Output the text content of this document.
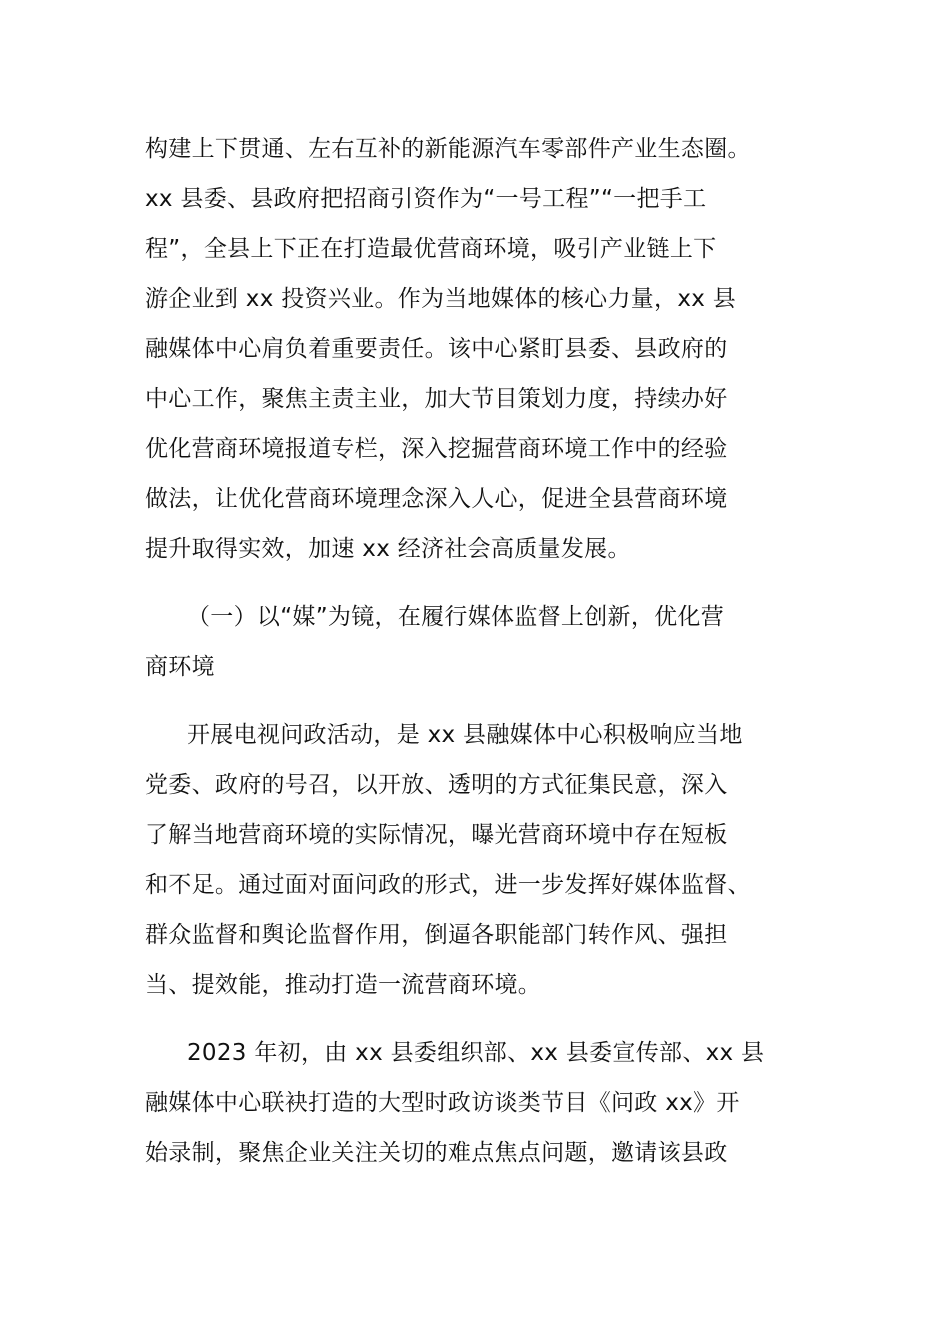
构建上下贯通、左右互补的新能源汽车零部件产业生态圈。
xx 县委、县政府把招商引资作为“一号工程”“一把手工
程”，全县上下正在打造最优营商环境，吸引产业链上下
游企业到 xx 投资兴业。作为当地媒体的核心力量，xx 县
融媒体中心肩负着重要责任。该中心紧盯县委、县政府的
中心工作，聚焦主责主业，加大节目策划力度，持续办好
优化营商环境报道专栏，深入挖掘营商环境工作中的经验
做法，让优化营商环境理念深入人心，促进全县营商环境
提升取得实效，加速 xx 经济社会高质量发展。
（一）以“媒”为镜，在履行媒体监督上创新，优化营
商环境
开展电视问政活动，是 xx 县融媒体中心积极响应当地
党委、政府的号召，以开放、透明的方式征集民意，深入
了解当地营商环境的实际情况，曝光营商环境中存在短板
和不足。通过面对面问政的形式，进一步发挥好媒体监督、
群众监督和舆论监督作用，倒逼各职能部门转作风、强担
当、提效能，推动打造一流营商环境。
2023 年初，由 xx 县委组织部、xx 县委宣传部、xx 县
融媒体中心联袂打造的大型时政访谈类节目《问政 xx》开
始录制，聚焦企业关注关切的难点焦点问题，邀请该县政
